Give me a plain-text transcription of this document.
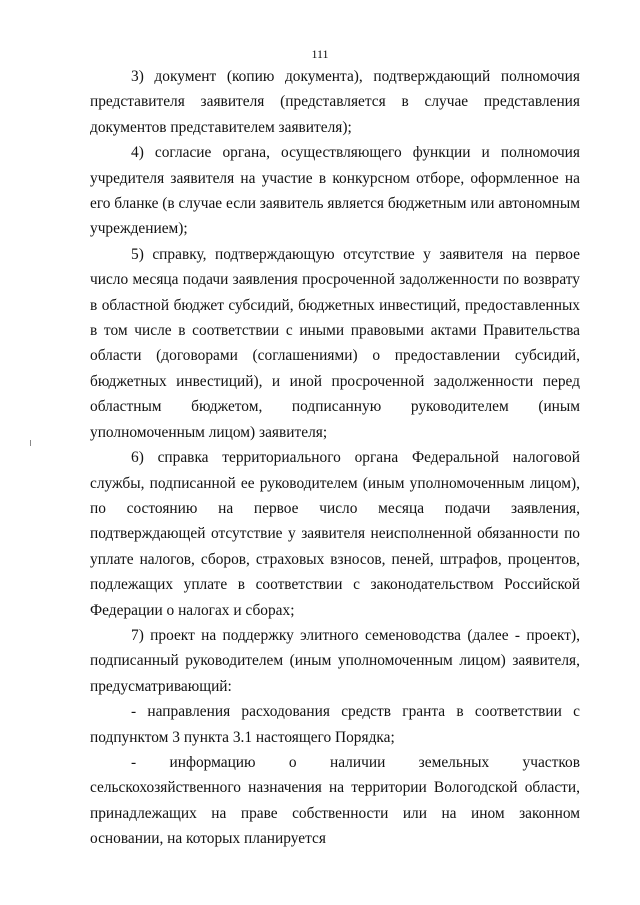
111

3) документ (копию документа), подтверждающий полномочия представителя заявителя (представляется в случае представления документов представителем заявителя);

4) согласие органа, осуществляющего функции и полномочия учредителя заявителя на участие в конкурсном отборе, оформленное на его бланке (в случае если заявитель является бюджетным или автономным учреждением);

5) справку, подтверждающую отсутствие у заявителя на первое число месяца подачи заявления просроченной задолженности по возврату в областной бюджет субсидий, бюджетных инвестиций, предоставленных в том числе в соответствии с иными правовыми актами Правительства области (договорами (соглашениями) о предоставлении субсидий, бюджетных инвестиций), и иной просроченной задолженности перед областным бюджетом, подписанную руководителем (иным уполномоченным лицом) заявителя;

6) справка территориального органа Федеральной налоговой службы, подписанной ее руководителем (иным уполномоченным лицом), по состоянию на первое число месяца подачи заявления, подтверждающей отсутствие у заявителя неисполненной обязанности по уплате налогов, сборов, страховых взносов, пеней, штрафов, процентов, подлежащих уплате в соответствии с законодательством Российской Федерации о налогах и сборах;

7) проект на поддержку элитного семеноводства (далее - проект), подписанный руководителем (иным уполномоченным лицом) заявителя, предусматривающий:

- направления расходования средств гранта в соответствии с подпунктом 3 пункта 3.1 настоящего Порядка;

- информацию о наличии земельных участков сельскохозяйственного назначения на территории Вологодской области, принадлежащих на праве собственности или на ином законном основании, на которых планируется
